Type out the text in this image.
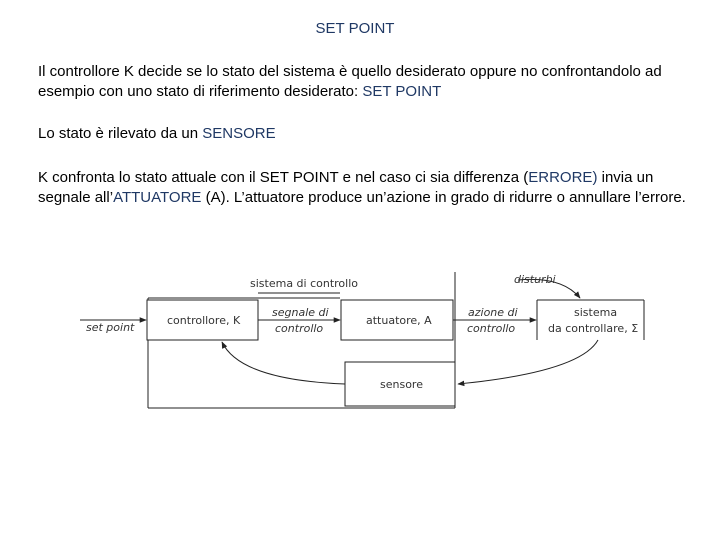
SET POINT
Il controllore K decide se lo stato del sistema è quello desiderato oppure no confrontandolo ad esempio con uno stato di riferimento desiderato: SET POINT
Lo stato è rilevato da un SENSORE
K confronta lo stato attuale con il SET POINT e nel caso ci sia differenza (ERRORE) invia un segnale all’ATTUATORE (A). L’attuatore produce un’azione in grado di ridurre o annullare l’errore.
sistema di controllo	disturbi
set point
controllore, K
segnale di
controllo
attuatore, A
azione di
controllo
sistema
da controllare, Σ
sensore
